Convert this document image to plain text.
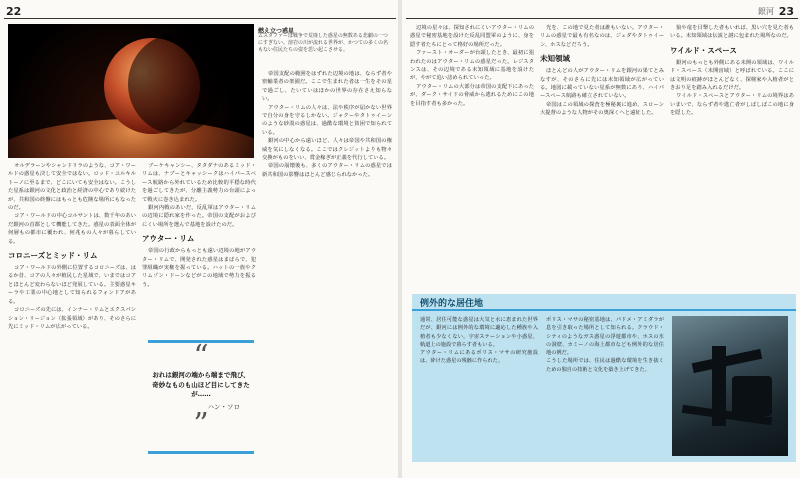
22
燃え立つ惑星
ムスタファーは戦争で荒廃した惑星の無数ある悲劇の一つにすぎない。溶岩の川が流れる世界が、かつての多くの名もない住民たちの姿を思い起こさせる。

オルデラーンやシャンドリラのような、コア・ワールドの惑星も決して安全ではない。ロッド・ユルキルトーノに至るまで、どこにいても安全はない。こうした星系は銀河の文化と政治と経済の中心であり続けたが、共和国の終盤にはもっとも危険な場所にもなったのだ。

コア・ワールドの中心コルサントは、数千年のあいだ銀河の首都として機能してきた。惑星の表面全体が何層もの都市に覆われ、何兆もの人々が暮らしている。

コロニーズとミッド・リム

コア・ワールドの外側に位置するコロニーズは、はるか昔、コアの人々が植民した星域で、いまではコアとほとんど変わらないほど発展している。主要惑星キーラや工業の中心地として知られるフォンドアがある。

コロニーズの先には、インナー・リムとエクスパンション・リージョン（拡張領域）があり、そのさらに先にミッド・リムが広がっている。

ブーケキャンシー、タタダナのあるミッド・リムは、ナブーとキャッシークはハイパースペース航路から外れているため比較的平穏な時代を過ごしてきたが、分離主義勢力の台頭によって戦火に巻き込まれた。

銀河内戦のあいだ、反乱軍はアウター・リムの辺境に隠れ家を作った。帝国の支配がおよびにくい場所を選んで基地を設けたのだ。

アウター・リム

帝国の行政からもっとも遠い辺境の地がアウター・リムで、開発された惑星はまばらで、犯罪組織が実権を握っている。ハットの一族やクリムゾン・ドーンなどがこの地域で勢力を振るう。

“
おれは銀河の端から端まで飛び、奇妙なものも山ほど目にしてきたが……
ハン・ソロ
”

帝国支配の範囲をはずれた辺境の地は、ならず者や密輸業者の楽園だ。ここで生まれた者は一生をその星で過ごし、たいていはほかの世界の存在さえ知らない。

アウター・リムの人々は、法や秩序が届かない世界で自分の身を守るしかない。ジャクーやタトゥイーンのような砂漠の惑星は、過酷な環境と貧困で知られている。

銀河の中心から遠いほど、人々は帝国や共和国の権威を気にしなくなる。ここではクレジットよりも物々交換がものをいい、賞金稼ぎが正義を代行している。

帝国の崩壊後も、多くのアウター・リムの惑星では新共和国の影響はほとんど感じられなかった。

銀河 23

辺境の星々は、探知されにくいアウター・リムの惑星で秘密基地を設けた反乱同盟軍のように、身を隠す者たちにとって格好の場所だった。

ファースト・オーダーが台頭したとき、最初に狙われたのはアウター・リムの惑星だった。レジスタンスは、その辺境である未知領域に基地を設けたが、やがて追い詰められていった。

アウター・リムの大部分は帝国の支配下にあったが、ダーク・サイドの脅威から逃れるためにこの地を目指す者も多かった。

光を、この地で見た者は誰もいない。アウター・リムの惑星で最も有名なのは、ジェダやタトゥイーン、ホスなどだろう。

未知領域

ほとんどの人がアウター・リムを銀河の果てとみなすが、そのさらに先には未知領域が広がっている。地図に載っていない星系が無数にあり、ハイパースペース航路も確立されていない。

帝国はこの領域の探査を極秘裏に進め、スローン大提督のような人物がその奥深くへと遠征した。

狼や竜を目撃した者もいれば、黒い穴を見た者もいる。未知領域は伝説と謎に包まれた場所なのだ。

ワイルド・スペース

銀河のもっとも外側にある未開の領域は、ワイルド・スペース（未開宙域）と呼ばれている。ここには文明の痕跡がほとんどなく、探検家や入植者がときおり足を踏み入れるだけだ。

ワイルド・スペースとアウター・リムの境界はあいまいで、ならず者や逃亡者がしばしばこの地に身を隠した。

例外的な居住地
通常、居住可能な惑星は大気と水に恵まれた世界だが、銀河には例外的な環境に適応した種族や入植者も少なくない。宇宙ステーションや小惑星、軌道上の施設で暮らす者もいる。
アウター・リムにあるポリス・マサの研究施設は、砕けた惑星の残骸に作られた。
ポリス・マサの秘密基地は、パドメ・アミダラが息を引き取った場所として知られる。クラウド・シティのようなガス惑星の浮遊都市や、ホスの氷の洞窟、カミーノの海上都市なども例外的な居住地の例だ。
こうした場所では、住民は過酷な環境を生き抜くための独自の技術と文化を築き上げてきた。
